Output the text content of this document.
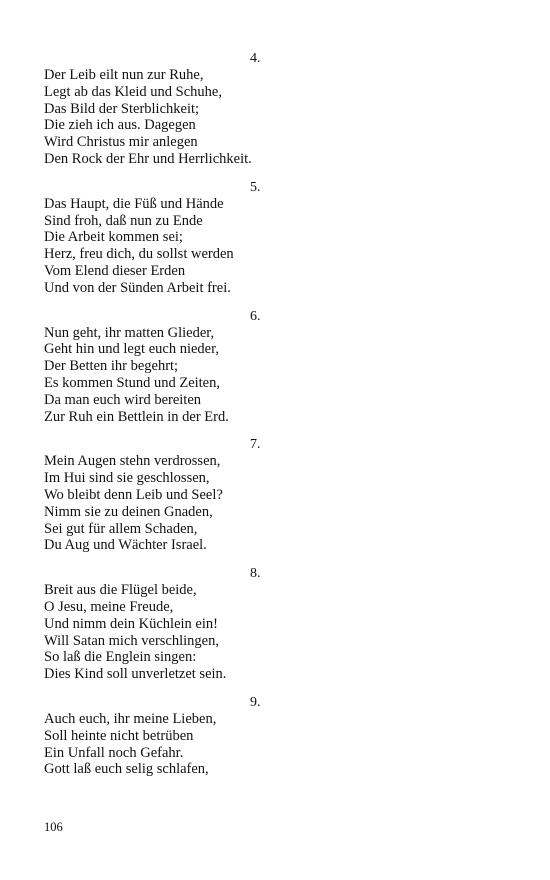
4.
Der Leib eilt nun zur Ruhe,
Legt ab das Kleid und Schuhe,
Das Bild der Sterblichkeit;
Die zieh ich aus. Dagegen
Wird Christus mir anlegen
Den Rock der Ehr und Herrlichkeit.
5.
Das Haupt, die Füß und Hände
Sind froh, daß nun zu Ende
Die Arbeit kommen sei;
Herz, freu dich, du sollst werden
Vom Elend dieser Erden
Und von der Sünden Arbeit frei.
6.
Nun geht, ihr matten Glieder,
Geht hin und legt euch nieder,
Der Betten ihr begehrt;
Es kommen Stund und Zeiten,
Da man euch wird bereiten
Zur Ruh ein Bettlein in der Erd.
7.
Mein Augen stehn verdrossen,
Im Hui sind sie geschlossen,
Wo bleibt denn Leib und Seel?
Nimm sie zu deinen Gnaden,
Sei gut für allem Schaden,
Du Aug und Wächter Israel.
8.
Breit aus die Flügel beide,
O Jesu, meine Freude,
Und nimm dein Küchlein ein!
Will Satan mich verschlingen,
So laß die Englein singen:
Dies Kind soll unverletzet sein.
9.
Auch euch, ihr meine Lieben,
Soll heinte nicht betrüben
Ein Unfall noch Gefahr.
Gott laß euch selig schlafen,
106
